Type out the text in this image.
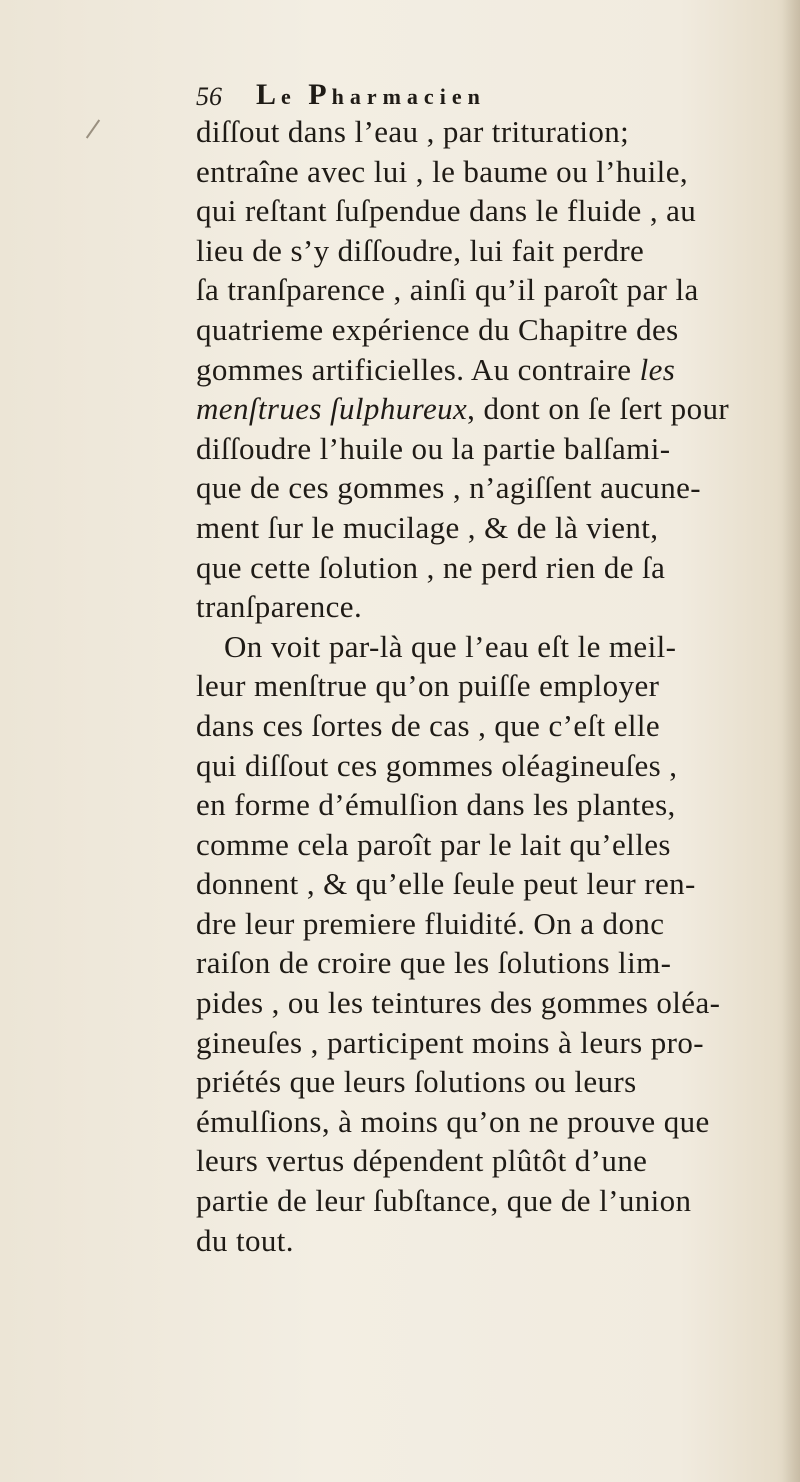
56 Le Pharmacien
diſſout dans l’eau , par trituration;
entraîne avec lui , le baume ou l’huile,
qui reſtant ſuſpendue dans le fluide , au
lieu de s’y diſſoudre, lui fait perdre
ſa tranſparence , ainſi qu’il paroît par la
quatrieme expérience du Chapitre des
gommes artificielles. Au contraire les
menſtrues ſulphureux, dont on ſe ſert pour
diſſoudre l’huile ou la partie balſami-
que de ces gommes , n’agiſſent aucune-
ment ſur le mucilage , & de là vient,
que cette ſolution , ne perd rien de ſa
tranſparence.
On voit par-là que l’eau eſt le meil-
leur menſtrue qu’on puiſſe employer
dans ces ſortes de cas , que c’eſt elle
qui diſſout ces gommes oléagineuſes ,
en forme d’émulſion dans les plantes,
comme cela paroît par le lait qu’elles
donnent , & qu’elle ſeule peut leur ren-
dre leur premiere fluidité. On a donc
raiſon de croire que les ſolutions lim-
pides , ou les teintures des gommes oléa-
gineuſes , participent moins à leurs pro-
priétés que leurs ſolutions ou leurs
émulſions, à moins qu’on ne prouve que
leurs vertus dépendent plûtôt d’une
partie de leur ſubſtance, que de l’union
du tout.
